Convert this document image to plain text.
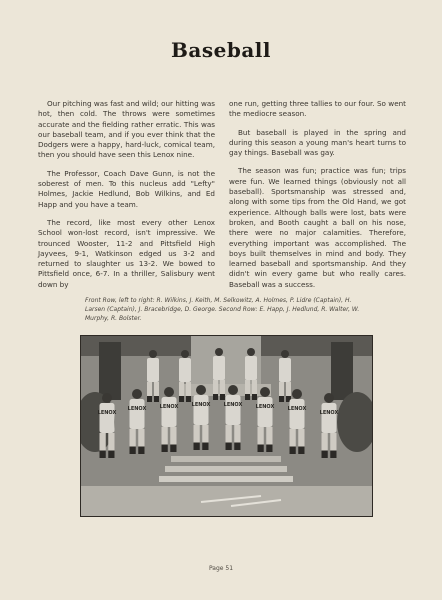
Baseball

Our pitching was fast and wild; our hitting was hot, then cold. The throws were sometimes accurate and the fielding rather erratic. This was our baseball team, and if you ever think that the Dodgers were a happy, hard-luck, comical team, then you should have seen this Lenox nine.

The Professor, Coach Dave Gunn, is not the soberest of men. To this nucleus add "Lefty" Holmes, Jackie Hedlund, Bob Wilkins, and Ed Happ and you have a team.

The record, like most every other Lenox School won-lost record, isn't impressive. We trounced Wooster, 11-2 and Pittsfield High Jayvees, 9-1, Watkinson edged us 3-2 and returned to slaughter us 13-2. We bowed to Pittsfield once, 6-7. In a thriller, Salisbury went down by

one run, getting three tallies to our four. So went the mediocre season.

But baseball is played in the spring and during this season a young man's heart turns to gay things. Baseball was gay.

The season was fun; practice was fun; trips were fun. We learned things (obviously not all baseball). Sportsmanship was stressed and, along with some tips from the Old Hand, we got experience. Although balls were lost, bats were broken, and Booth caught a ball on his nose, there were no major calamities. Therefore, everything important was accomplished. The boys built themselves in mind and body. They learned baseball and sportsmanship. And they didn't win every game but who really cares. Baseball was a success.

Front Row, left to right: R. Wilkins, J. Keith, M. Selkowitz, A. Holmes, P. Lidre (Captain), H. Larsen (Captain), J. Bracebridge, D. George. Second Row: E. Happ, J. Hedlund, R. Walter, W. Murphy, R. Bolster.
LENOX
LENOX	LENOX	LENOX	LENOX	LENOX	LENOX
LENOX
Page 51
